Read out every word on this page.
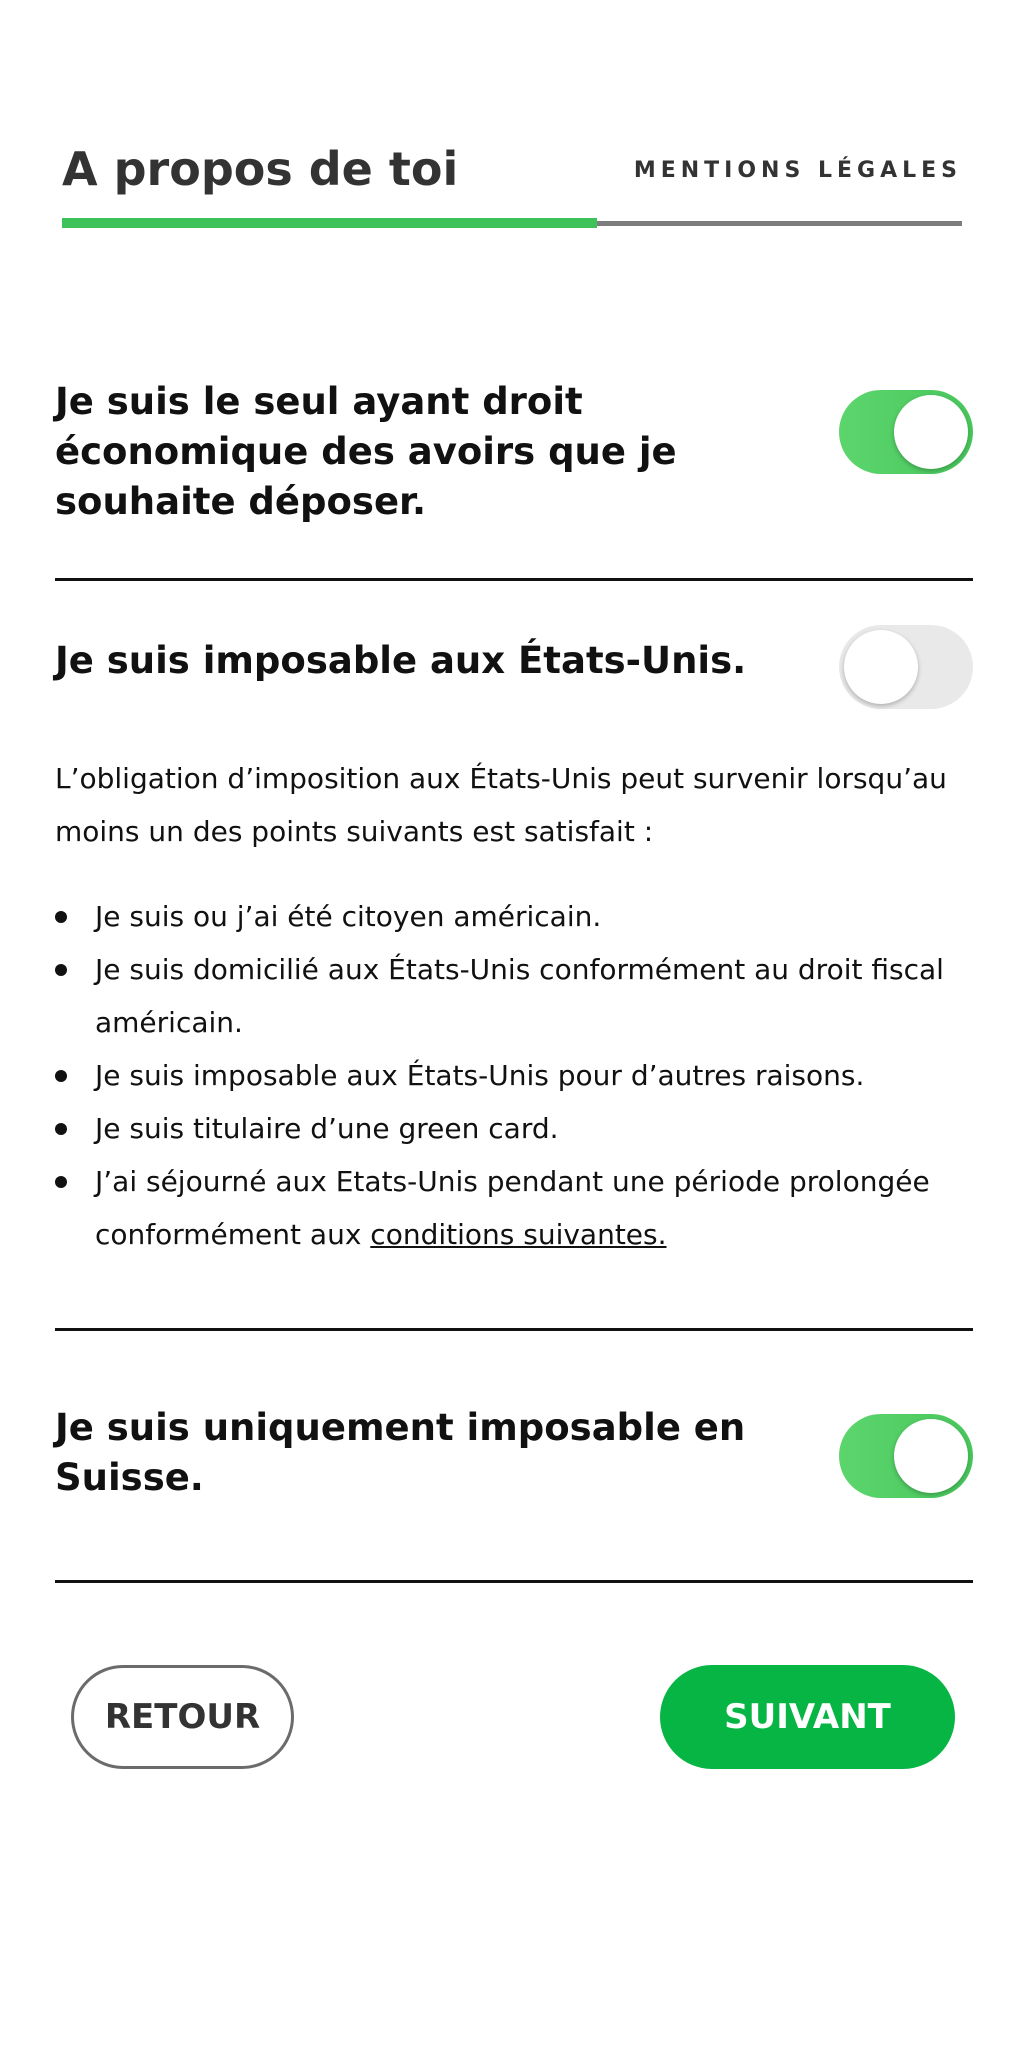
A propos de toi	MENTIONS LÉGALES

Je suis le seul ayant droit économique des avoirs que je souhaite déposer.

Je suis imposable aux États-Unis.

L’obligation d’imposition aux États-Unis peut survenir lorsqu’au moins un des points suivants est satisfait :

Je suis ou j’ai été citoyen américain.
Je suis domicilié aux États-Unis conformément au droit fiscal américain.
Je suis imposable aux États-Unis pour d’autres raisons.
Je suis titulaire d’une green card.
J’ai séjourné aux Etats-Unis pendant une période prolongée conformément aux conditions suivantes.

Je suis uniquement imposable en Suisse.

RETOUR	SUIVANT
